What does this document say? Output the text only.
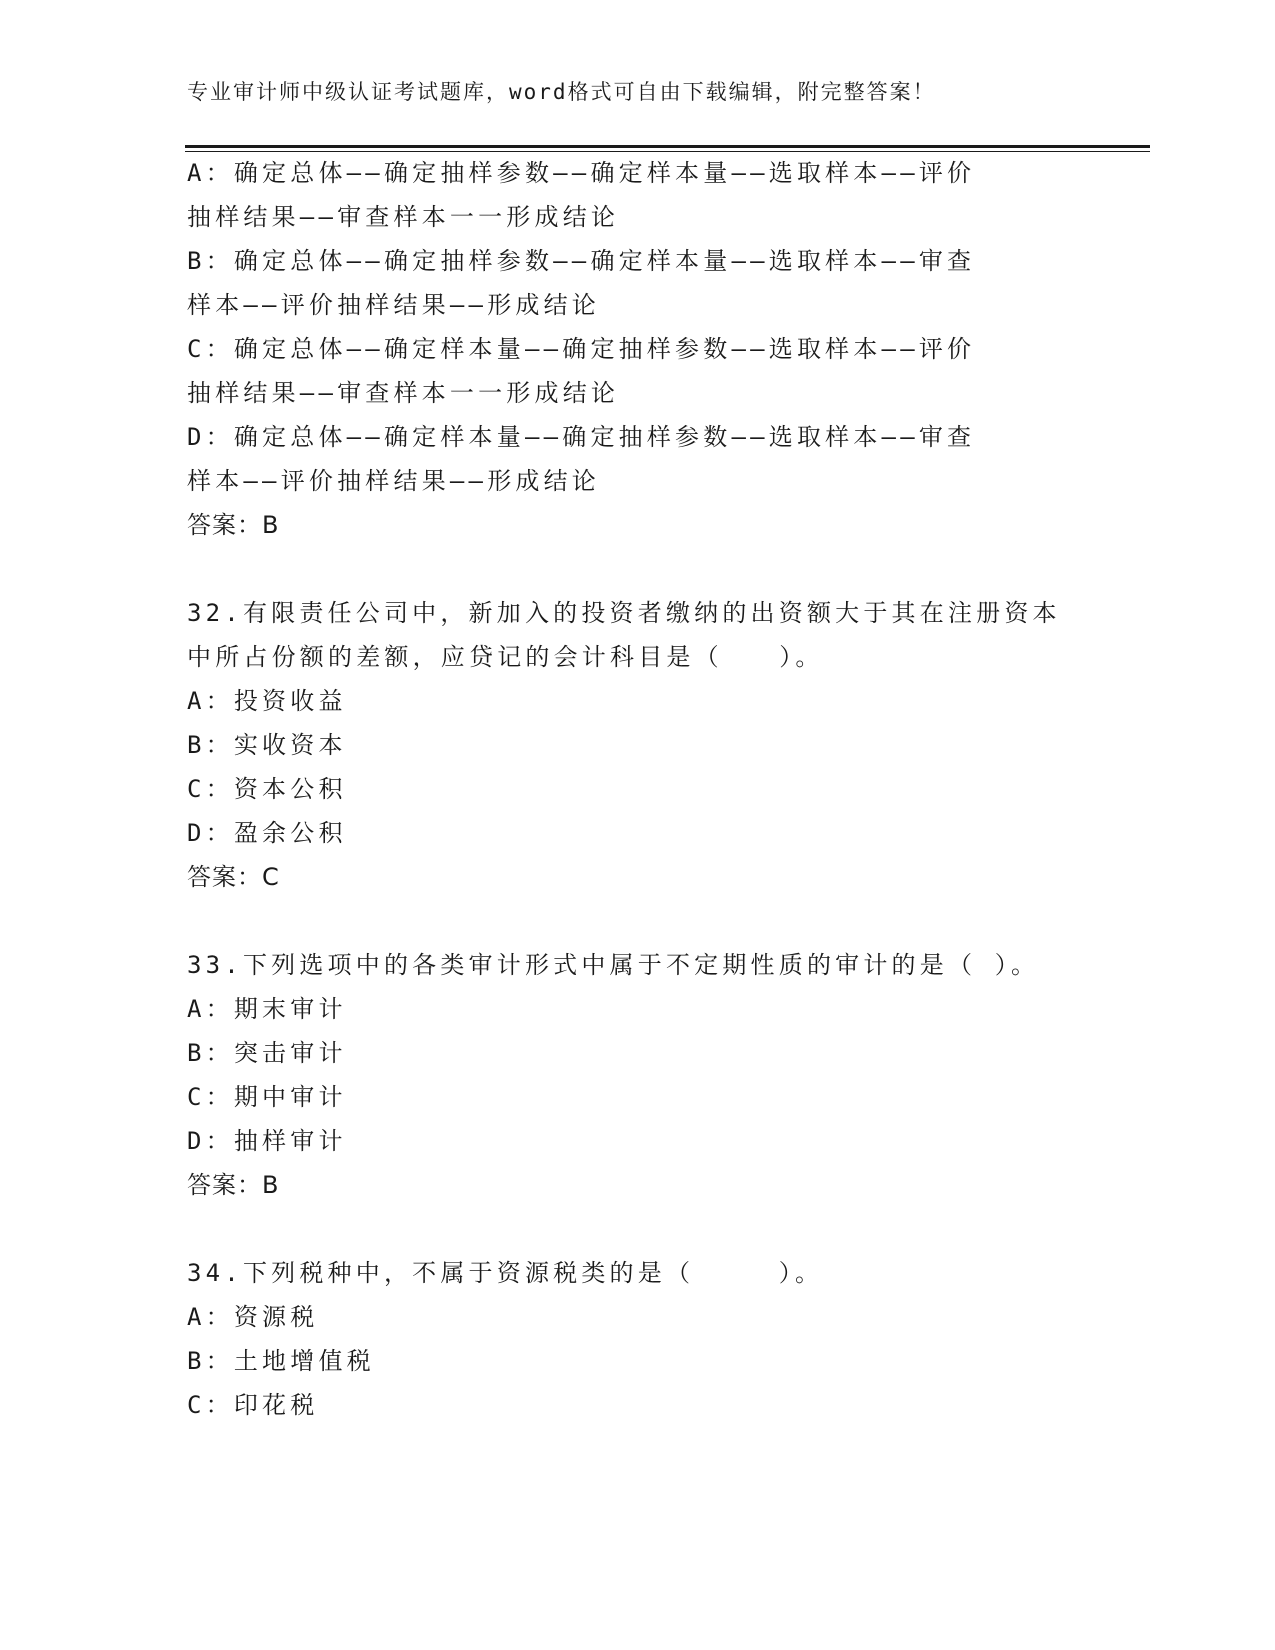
专业审计师中级认证考试题库，word格式可自由下载编辑，附完整答案！
A：确定总体——确定抽样参数——确定样本量——选取样本——评价
抽样结果——审查样本一一形成结论
B：确定总体——确定抽样参数——确定样本量——选取样本——审查
样本——评价抽样结果——形成结论
C：确定总体——确定样本量——确定抽样参数——选取样本——评价
抽样结果——审查样本一一形成结论
D：确定总体——确定样本量——确定抽样参数——选取样本——审查
样本——评价抽样结果——形成结论
答案：B
32.有限责任公司中，新加入的投资者缴纳的出资额大于其在注册资本
中所占份额的差额，应贷记的会计科目是（　　）。
A：投资收益
B：实收资本
C：资本公积
D：盈余公积
答案：C
33.下列选项中的各类审计形式中属于不定期性质的审计的是（ ）。
A：期末审计
B：突击审计
C：期中审计
D：抽样审计
答案：B
34.下列税种中，不属于资源税类的是（　　　）。
A：资源税
B：土地增值税
C：印花税
